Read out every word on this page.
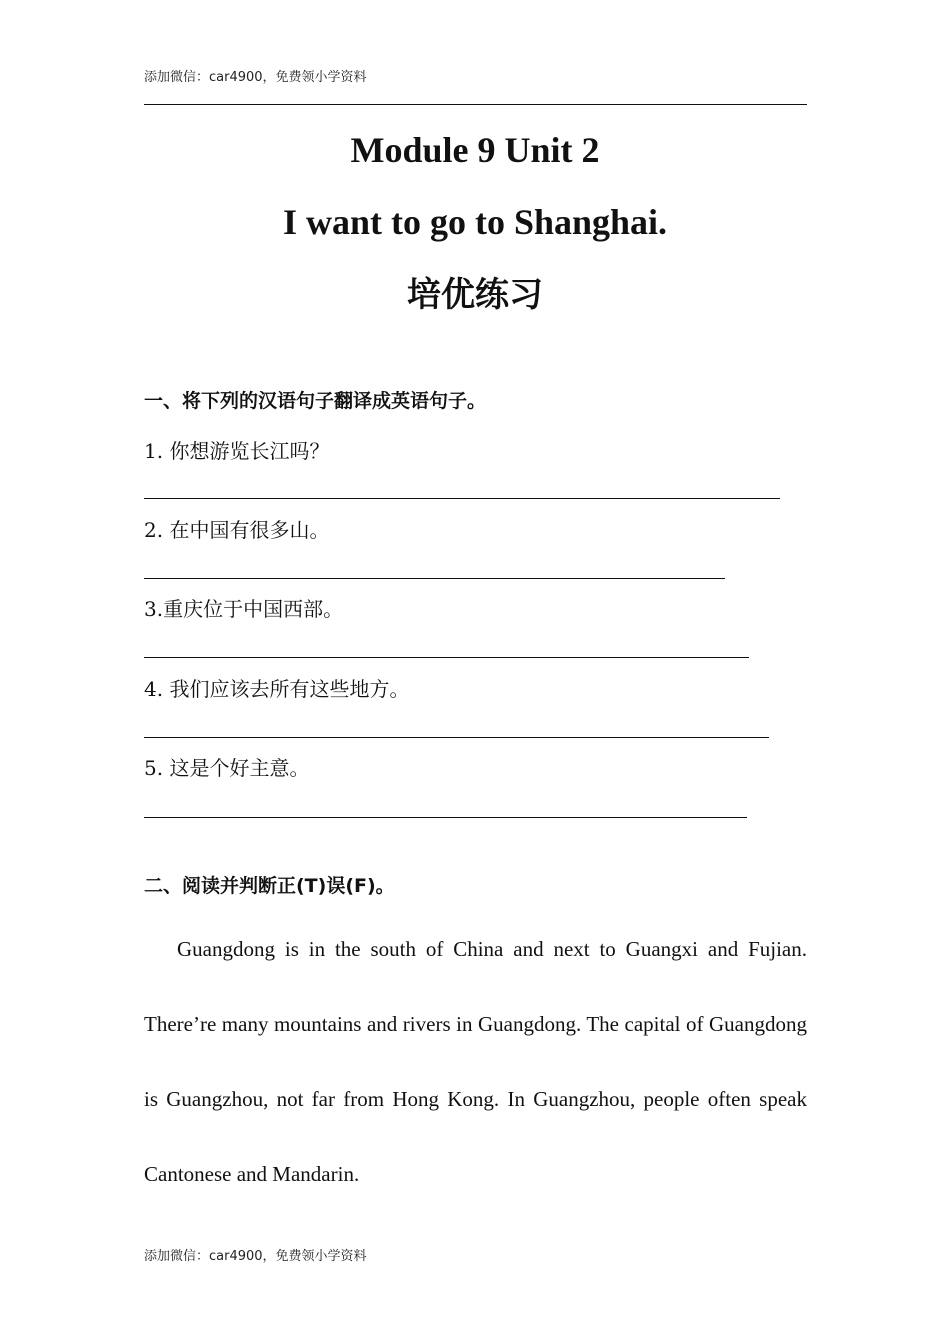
添加微信：car4900，免费领小学资料
Module 9 Unit 2
I want to go to Shanghai.
培优练习
一、将下列的汉语句子翻译成英语句子。
1. 你想游览长江吗？
2. 在中国有很多山。
3.重庆位于中国西部。
4. 我们应该去所有这些地方。
5. 这是个好主意。
二、阅读并判断正(T)误(F)。
Guangdong is in the south of China and next to Guangxi and Fujian. There’re many mountains and rivers in Guangdong. The capital of Guangdong is Guangzhou, not far from Hong Kong. In Guangzhou, people often speak Cantonese and Mandarin.
添加微信：car4900，免费领小学资料
